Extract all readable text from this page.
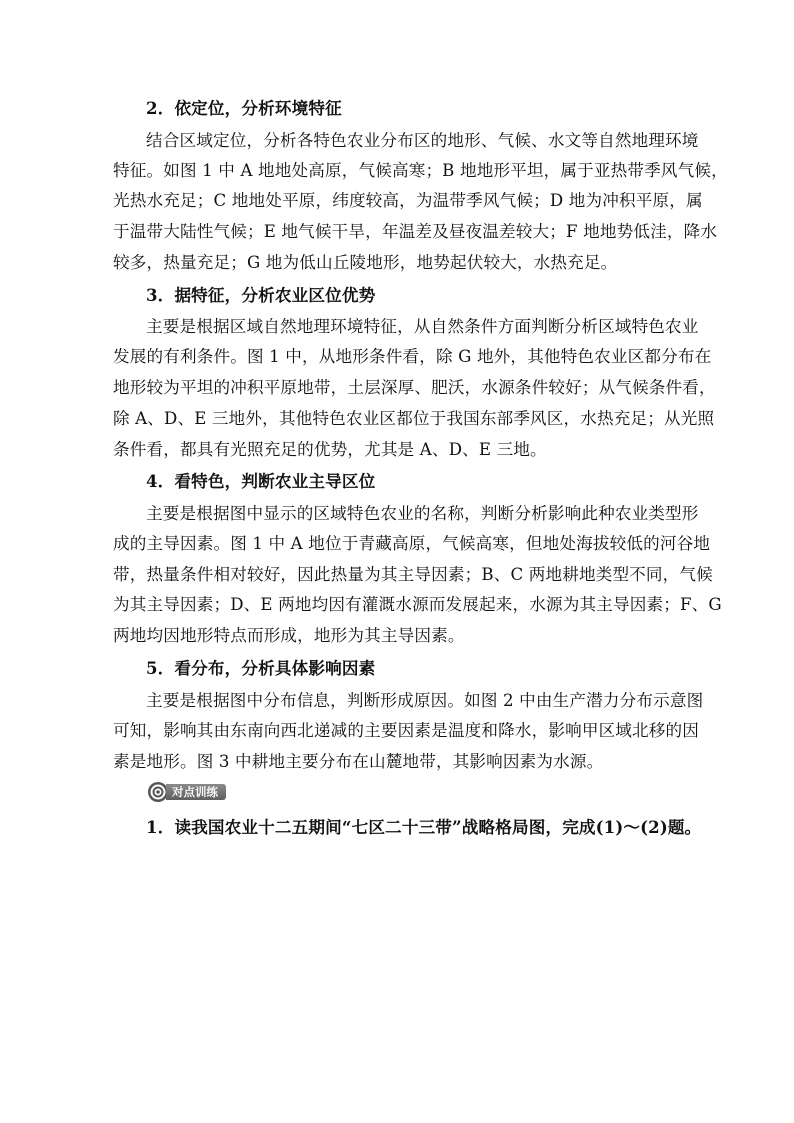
2．依定位，分析环境特征
结合区域定位，分析各特色农业分布区的地形、气候、水文等自然地理环境
特征。如图 1 中 A 地地处高原，气候高寒；B 地地形平坦，属于亚热带季风气候，
光热水充足；C 地地处平原，纬度较高，为温带季风气候；D 地为冲积平原，属
于温带大陆性气候；E 地气候干旱，年温差及昼夜温差较大；F 地地势低洼，降水
较多，热量充足；G 地为低山丘陵地形，地势起伏较大，水热充足。
3．据特征，分析农业区位优势
主要是根据区域自然地理环境特征，从自然条件方面判断分析区域特色农业
发展的有利条件。图 1 中，从地形条件看，除 G 地外，其他特色农业区都分布在
地形较为平坦的冲积平原地带，土层深厚、肥沃，水源条件较好；从气候条件看，
除 A、D、E 三地外，其他特色农业区都位于我国东部季风区，水热充足；从光照
条件看，都具有光照充足的优势，尤其是 A、D、E 三地。
4．看特色，判断农业主导区位
主要是根据图中显示的区域特色农业的名称，判断分析影响此种农业类型形
成的主导因素。图 1 中 A 地位于青藏高原，气候高寒，但地处海拔较低的河谷地
带，热量条件相对较好，因此热量为其主导因素；B、C 两地耕地类型不同，气候
为其主导因素；D、E 两地均因有灌溉水源而发展起来，水源为其主导因素；F、G
两地均因地形特点而形成，地形为其主导因素。
5．看分布，分析具体影响因素
主要是根据图中分布信息，判断形成原因。如图 2 中由生产潜力分布示意图
可知，影响其由东南向西北递减的主要因素是温度和降水，影响甲区域北移的因
素是地形。图 3 中耕地主要分布在山麓地带，其影响因素为水源。
对点训练
1．读我国农业十二五期间“七区二十三带”战略格局图，完成(1)～(2)题。
